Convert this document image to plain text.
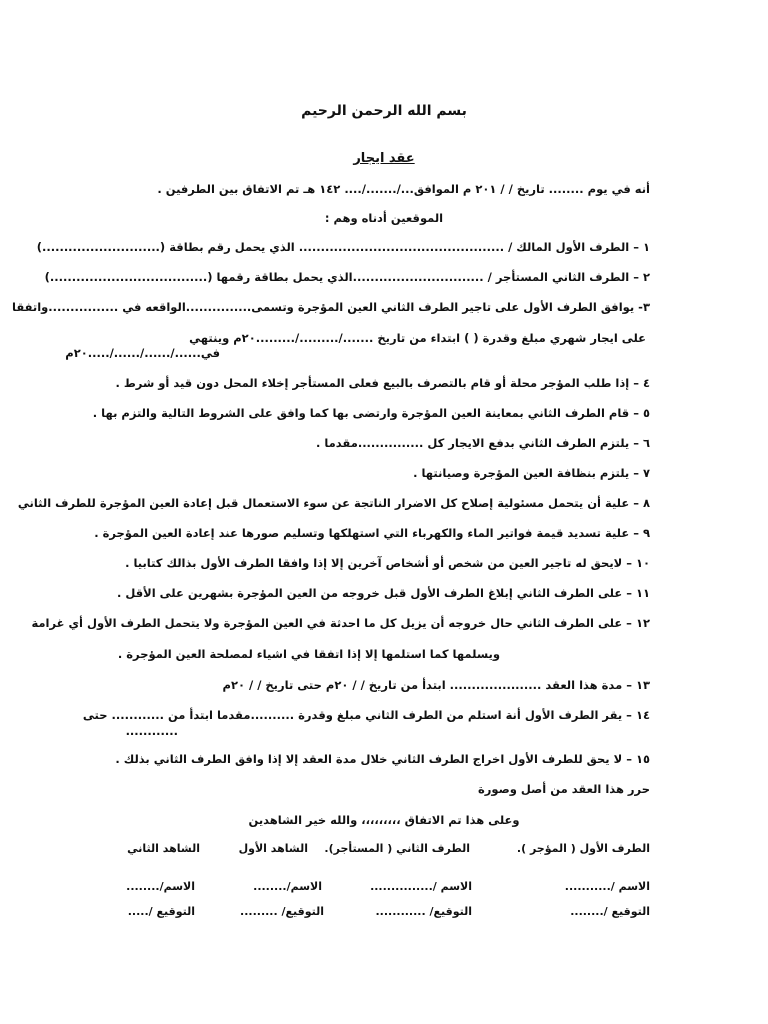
بسم الله الرحمن الرحيم
عقد ايجار
أنه في يوم ........ تاريخ / / ٢٠١ م الموافق.../......./.... ١٤٢ هـ تم الاتفاق بين الطرفين .
الموقعين أدناه وهم :
١ – الطرف الأول المالك / ............................................... الذي يحمل رقم بطاقة (...........................)
٢ – الطرف الثاني المستأجر / ..............................الذي يحمل بطاقة رقمها (....................................)
٣- يوافق الطرف الأول على تاجير الطرف الثاني العين المؤجرة وتسمى...............الواقعه في ................واتفقا
على ايجار شهري مبلغ وقدرة ( ) ابتداء من تاريخ ......./........./.........٢٠م وينتهي
في....../....../....../.....٢٠م
٤ – إذا طلب المؤجر محلة أو قام بالتصرف بالبيع فعلى المستأجر إخلاء المحل دون قيد أو شرط .
٥ – قام الطرف الثاني بمعاينة العين المؤجرة وارتضى بها كما وافق على الشروط التالية والتزم بها .
٦ – يلتزم الطرف الثاني بدفع الايجار كل ...............مقدما .
٧ – يلتزم بنظافة العين المؤجرة وصيانتها .
٨ – علية أن يتحمل مسئولية إصلاح كل الاضرار الناتجة عن سوء الاستعمال قبل إعادة العين المؤجرة للطرف الثاني
٩ – علية تسديد قيمة فواتير الماء والكهرباء التي استهلكها وتسليم صورها عند إعادة العين المؤجرة .
١٠ – لايحق له تاجير العين من شخص أو أشخاص آخرين إلا إذا وافقا الطرف الأول بذالك كتابيا .
١١ – على الطرف الثاني إبلاغ الطرف الأول قبل خروجه من العين المؤجرة بشهرين على الأقل .
١٢ – على الطرف الثاني حال خروجه أن يزيل كل ما احدثة في العين المؤجرة ولا يتحمل الطرف الأول أي غرامة
ويسلمها كما استلمها إلا إذا اتفقا في اشياء لمصلحة العين المؤجرة .
١٣ – مدة هذا العقد ..................... ابتدأ من تاريخ / / ٢٠م حتى تاريخ / / ٢٠م
١٤ – يقر الطرف الأول أنة استلم من الطرف الثاني مبلغ وقدرة ..........مقدما ابتدأ من ............ حتى
............
١٥ – لا يحق للطرف الأول اخراج الطرف الثاني خلال مدة العقد إلا إذا وافق الطرف الثاني بذلك .
حرر هذا العقد من أصل وصورة
وعلى هذا تم الاتفاق ،،،،،،،،، والله خير الشاهدين
الطرف الأول ( المؤجر ).
الطرف الثاني ( المستأجر).
الشاهد الأول
الشاهد الثاني
الاسم /...........
الاسم /...............
الاسم/........
الاسم/........
التوقيع /........
التوقيع/ ............
التوقيع/ .........
التوقيع /.....
